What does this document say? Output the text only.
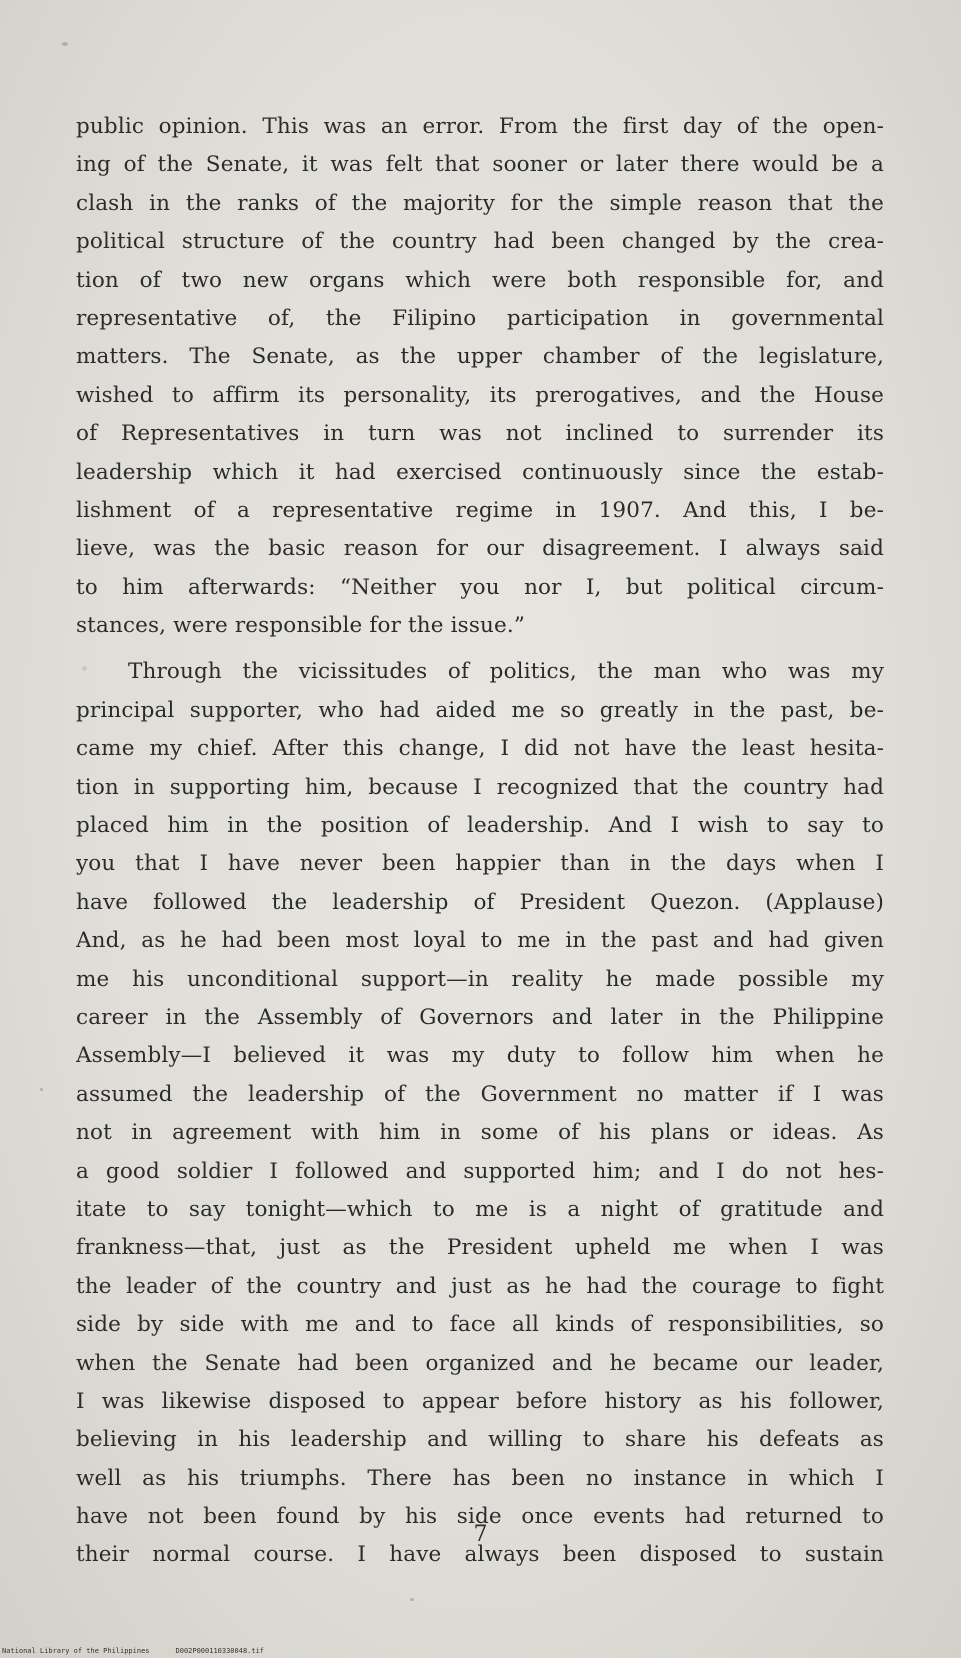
public opinion. This was an error. From the first day of the open-
ing of the Senate, it was felt that sooner or later there would be a
clash in the ranks of the majority for the simple reason that the
political structure of the country had been changed by the crea-
tion of two new organs which were both responsible for, and
representative of, the Filipino participation in governmental
matters. The Senate, as the upper chamber of the legislature,
wished to affirm its personality, its prerogatives, and the House
of Representatives in turn was not inclined to surrender its
leadership which it had exercised continuously since the estab-
lishment of a representative regime in 1907. And this, I be-
lieve, was the basic reason for our disagreement. I always said
to him afterwards: “Neither you nor I, but political circum-
stances, were responsible for the issue.”
Through the vicissitudes of politics, the man who was my
principal supporter, who had aided me so greatly in the past, be-
came my chief. After this change, I did not have the least hesita-
tion in supporting him, because I recognized that the country had
placed him in the position of leadership. And I wish to say to
you that I have never been happier than in the days when I
have followed the leadership of President Quezon. (Applause)
And, as he had been most loyal to me in the past and had given
me his unconditional support—in reality he made possible my
career in the Assembly of Governors and later in the Philippine
Assembly—I believed it was my duty to follow him when he
assumed the leadership of the Government no matter if I was
not in agreement with him in some of his plans or ideas. As
a good soldier I followed and supported him; and I do not hes-
itate to say tonight—which to me is a night of gratitude and
frankness—that, just as the President upheld me when I was
the leader of the country and just as he had the courage to fight
side by side with me and to face all kinds of responsibilities, so
when the Senate had been organized and he became our leader,
I was likewise disposed to appear before history as his follower,
believing in his leadership and willing to share his defeats as
well as his triumphs. There has been no instance in which I
have not been found by his side once events had returned to
their normal course. I have always been disposed to sustain
7
National Library of the Philippines	D002P000110330048.tif
